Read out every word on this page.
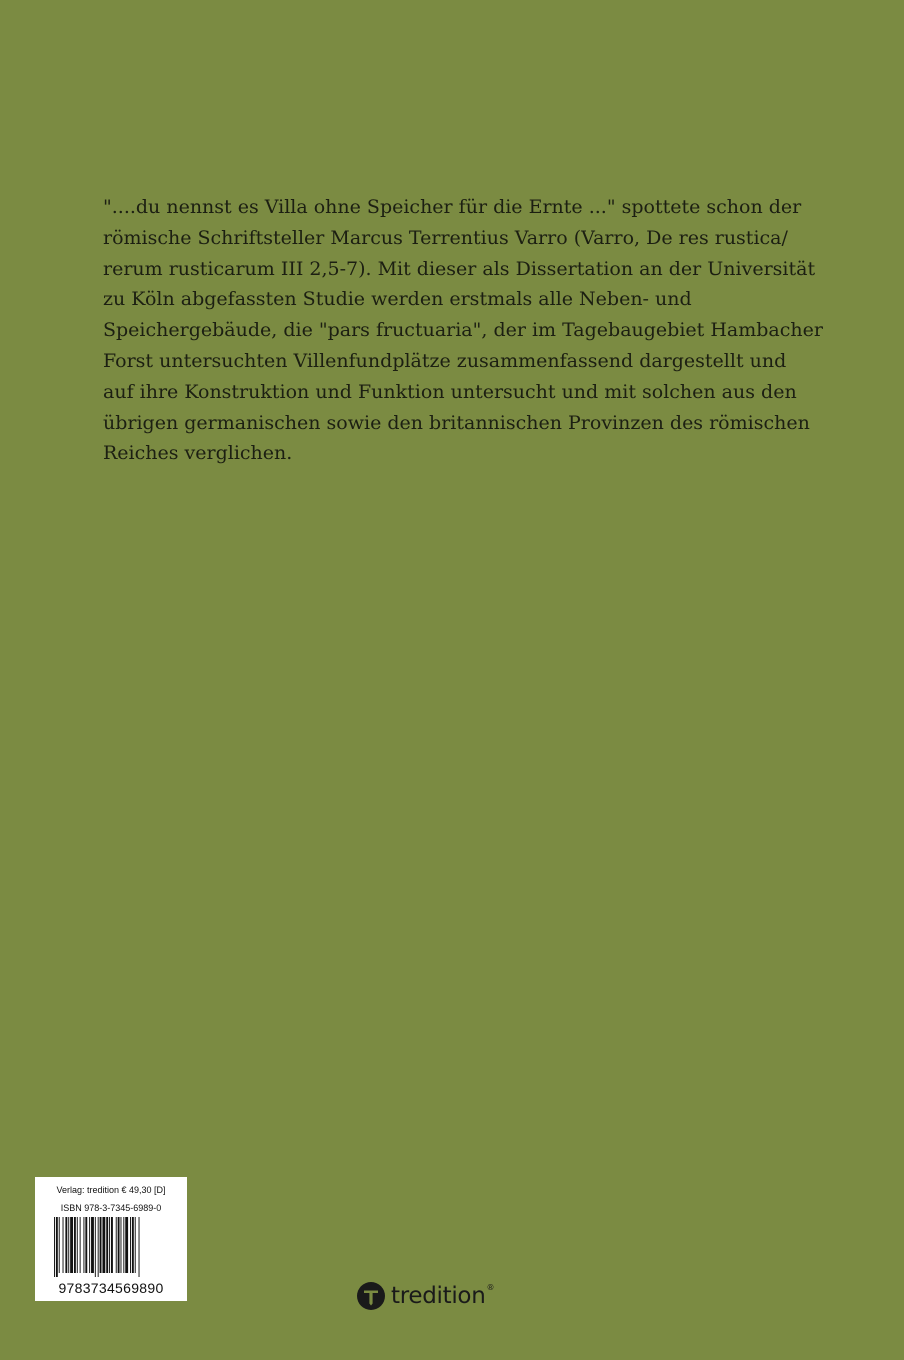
"....du nennst es Villa ohne Speicher für die Ernte ..." spottete schon der
römische Schriftsteller Marcus Terrentius Varro (Varro, De res rustica/
rerum rusticarum III 2,5-7). Mit dieser als Dissertation an der Universität
zu Köln abgefassten Studie werden erstmals alle Neben- und
Speichergebäude, die "pars fructuaria", der im Tagebaugebiet Hambacher
Forst untersuchten Villenfundplätze zusammenfassend dargestellt und
auf ihre Konstruktion und Funktion untersucht und mit solchen aus den
übrigen germanischen sowie den britannischen Provinzen des römischen
Reiches verglichen.

Verlag: tredition € 49,30 [D]
ISBN 978-3-7345-6989-0
9783734569890	tredition ®
